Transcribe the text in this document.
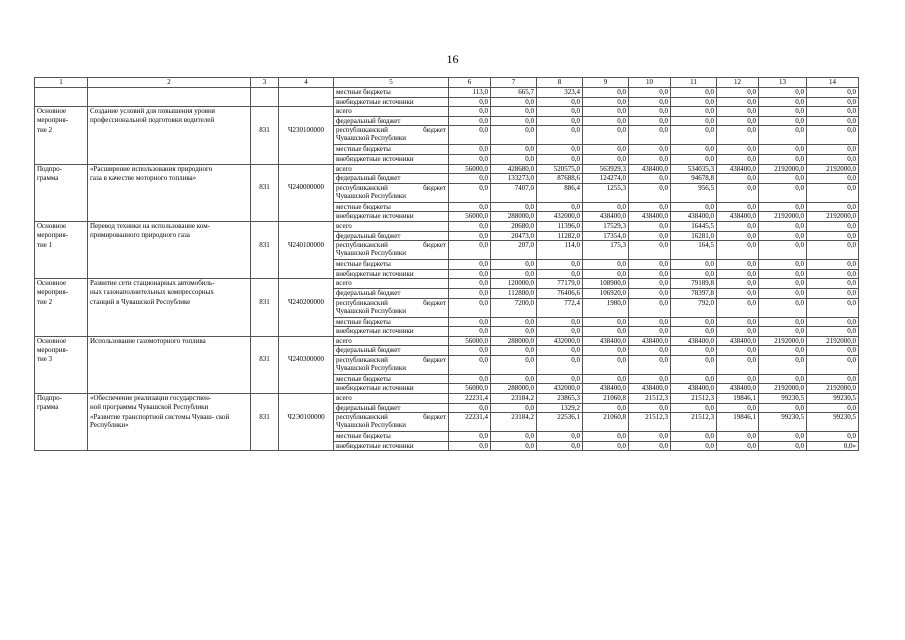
16
1	2	3	4	5	6	7	8	9	10	11	12	13	14
				местные бюджеты	113,0	665,7	323,4	0,0	0,0	0,0	0,0	0,0	0,0
				внебюджетные источники	0,0	0,0	0,0	0,0	0,0	0,0	0,0	0,0	0,0
Основное	Создание условий для повышения уровня			всего	0,0	0,0	0,0	0,0	0,0	0,0	0,0	0,0	0,0
меропрня-	профессиональной подготовки водителей			федеральный бюджет	0,0	0,0	0,0	0,0	0,0	0,0	0,0	0,0	0,0
тие 2		831	Ч230100000	республиканский бюджет Чувашской Республики	0,0	0,0	0,0	0,0	0,0	0,0	0,0	0,0	0,0
				местные бюджеты	0,0	0,0	0,0	0,0	0,0	0,0	0,0	0,0	0,0
				внебюджетные источники	0,0	0,0	0,0	0,0	0,0	0,0	0,0	0,0	0,0
Подпро-	«Расширение использования природного			всего	56000,0	428680,0	520575,0	563929,3	438400,0	534035,3	438400,0	2192000,0	2192000,0
грамма	газа в качестве моторного топлива»			федеральный бюджет	0,0	133273,0	87688,6	124274,0	0,0	94678,8	0,0	0,0	0,0
		831	Ч240000000	республиканский бюджет Чувашской Республики	0,0	7407,0	886,4	1255,3	0,0	956,5	0,0	0,0	0,0
				местные бюджеты	0,0	0,0	0,0	0,0	0,0	0,0	0,0	0,0	0,0
				внебюджетные источники	56000,0	288000,0	432000,0	438400,0	438400,0	438400,0	438400,0	2192000,0	2192000,0
Основное	Перевод техники на использование ком-			всего	0,0	20680,0	11396,0	17529,3	0,0	16445,5	0,0	0,0	0,0
мероприя-	примированного природного газа			федеральный бюджет	0,0	20473,0	11282,0	17354,0	0,0	16281,0	0,0	0,0	0,0
тие 1		831	Ч240100000	республиканский бюджет Чувашской Республики	0,0	207,0	114,0	175,3	0,0	164,5	0,0	0,0	0,0
				местные бюджеты	0,0	0,0	0,0	0,0	0,0	0,0	0,0	0,0	0,0
				внебюджетные источники	0,0	0,0	0,0	0,0	0,0	0,0	0,0	0,0	0,0
Основное	Развитие сети стационарных автомобиль-			всего	0,0	120000,0	77179,0	108900,0	0,0	79189,8	0,0	0,0	0,0
мероприя-	ных газонаполнительных компрессорных			федеральный бюджет	0,0	112800,0	76406,6	106920,0	0,0	78397,8	0,0	0,0	0,0
тие 2	станций в Чувашской Республике	831	Ч240200000	республиканский бюджет Чувашской Республики	0,0	7200,0	772,4	1980,0	0,0	792,0	0,0	0,0	0,0
				местные бюджеты	0,0	0,0	0,0	0,0	0,0	0,0	0,0	0,0	0,0
				внебюджетные источники	0,0	0,0	0,0	0,0	0,0	0,0	0,0	0,0	0,0
Основное	Использование газомоторного топлива			всего	56000,0	288000,0	432000,0	438400,0	438400,0	438400,0	438400,0	2192000,0	2192000,0
мероприя-				федеральный бюджет	0,0	0,0	0,0	0,0	0,0	0,0	0,0	0,0	0,0
тие 3		831	Ч240300000	республиканский бюджет Чувашской Республики	0,0	0,0	0,0	0,0	0,0	0,0	0,0	0,0	0,0
				местные бюджеты	0,0	0,0	0,0	0,0	0,0	0,0	0,0	0,0	0,0
				внебюджетные источники	56000,0	288000,0	432000,0	438400,0	438400,0	438400,0	438400,0	2192000,0	2192000,0
Подпро-	«Обеспечение реализации государствен-			всего	22231,4	23184,2	23865,3	21060,8	21512,3	21512,3	19846,1	99230,5	99230,5
грамма	ной программы Чувашской Республики			федеральный бюджет	0,0	0,0	1329,2	0,0	0,0	0,0	0,0	0,0	0,0
	«Развитие транспортной системы Чуваш- ской Республики»	831	Ч2Э0100000	республиканский бюджет Чувашской Республики	22231,4	23184,2	22536,1	21060,8	21512,3	21512,3	19846,1	99230,5	99230,5
				местные бюджеты	0,0	0,0	0,0	0,0	0,0	0,0	0,0	0,0	0,0
				внебюджетные источники	0,0	0,0	0,0	0,0	0,0	0,0	0,0	0,0	0,0»
